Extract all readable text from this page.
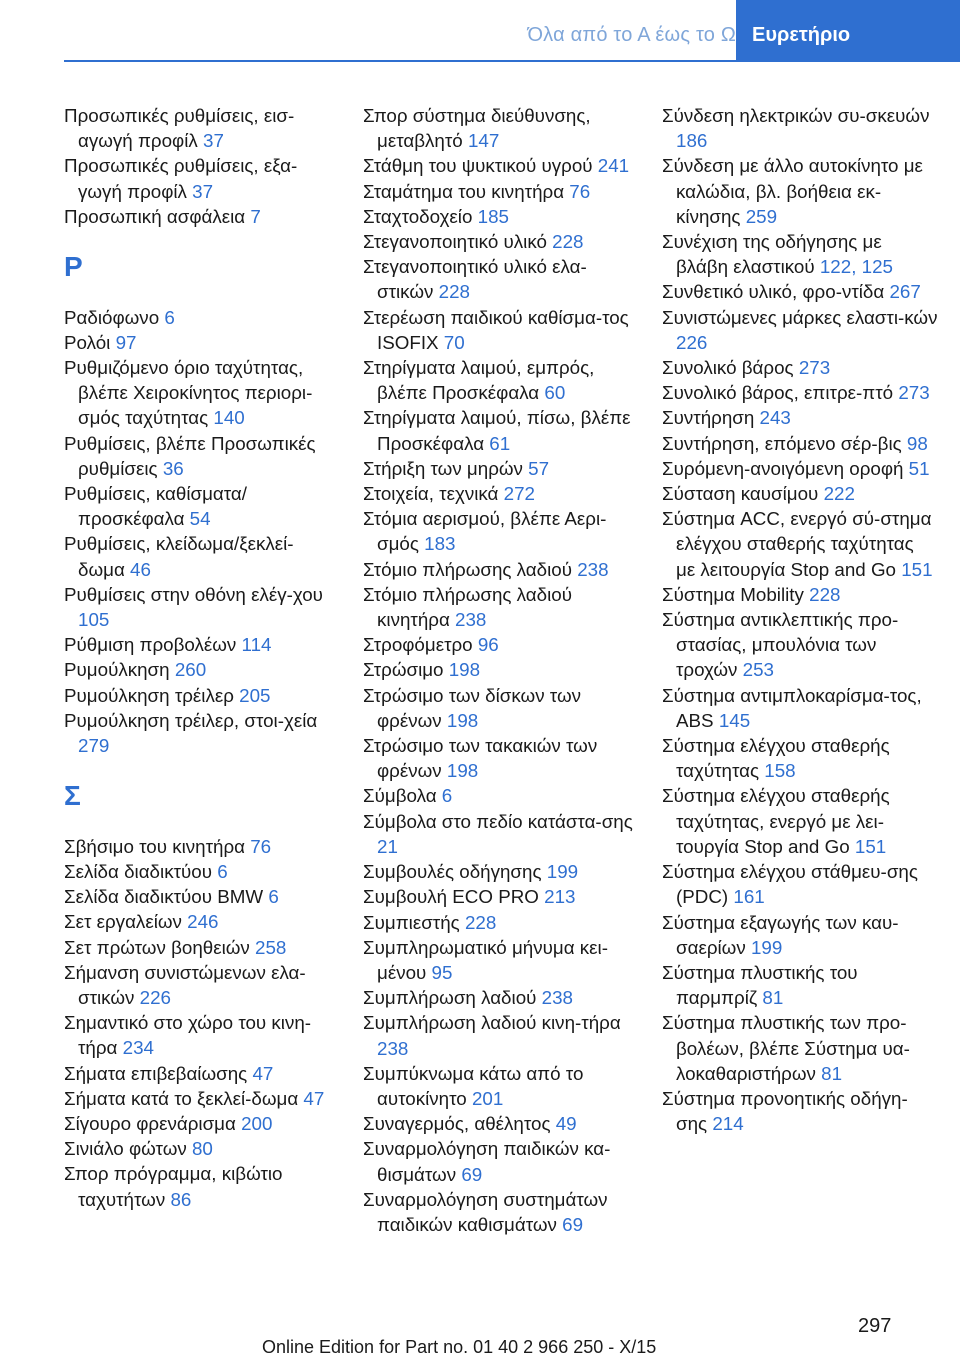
Όλα από το Α έως το Ω Ευρετήριο
Προσωπικές ρυθμίσεις, εισ‐αγωγή προφίλ 37
Προσωπικές ρυθμίσεις, εξα‐γωγή προφίλ 37
Προσωπική ασφάλεια 7
Ρ
Ραδιόφωνο 6
Ρολόι 97
Ρυθμιζόμενο όριο ταχύτητας, βλέπε Χειροκίνητος περιορι‐σμός ταχύτητας 140
Ρυθμίσεις, βλέπε Προσωπικές ρυθμίσεις 36
Ρυθμίσεις, καθίσματα/ προσκέφαλα 54
Ρυθμίσεις, κλείδωμα/ξεκλεί‐δωμα 46
Ρυθμίσεις στην οθόνη ελέγ‐χου 105
Ρύθμιση προβολέων 114
Ρυμούλκηση 260
Ρυμούλκηση τρέιλερ 205
Ρυμούλκηση τρέιλερ, στοι‐χεία 279
Σ
Σβήσιμο του κινητήρα 76
Σελίδα διαδικτύου 6
Σελίδα διαδικτύου BMW 6
Σετ εργαλείων 246
Σετ πρώτων βοηθειών 258
Σήμανση συνιστώμενων ελα‐στικών 226
Σημαντικό στο χώρο του κινη‐τήρα 234
Σήματα επιβεβαίωσης 47
Σήματα κατά το ξεκλεί‐δωμα 47
Σίγουρο φρενάρισμα 200
Σινιάλο φώτων 80
Σπορ πρόγραμμα, κιβώτιο ταχυτήτων 86
Σπορ σύστημα διεύθυνσης, μεταβλητό 147
Στάθμη του ψυκτικού υγρού 241
Σταμάτημα του κινητήρα 76
Σταχτοδοχείο 185
Στεγανοποιητικό υλικό 228
Στεγανοποιητικό υλικό ελα‐στικών 228
Στερέωση παιδικού καθίσμα‐τος ISOFIX 70
Στηρίγματα λαιμού, εμπρός, βλέπε Προσκέφαλα 60
Στηρίγματα λαιμού, πίσω, βλέπε Προσκέφαλα 61
Στήριξη των μηρών 57
Στοιχεία, τεχνικά 272
Στόμια αερισμού, βλέπε Αερι‐σμός 183
Στόμιο πλήρωσης λαδιού 238
Στόμιο πλήρωσης λαδιού κινητήρα 238
Στροφόμετρο 96
Στρώσιμο 198
Στρώσιμο των δίσκων των φρένων 198
Στρώσιμο των τακακιών των φρένων 198
Σύμβολα 6
Σύμβολα στο πεδίο κατάστα‐σης 21
Συμβουλές οδήγησης 199
Συμβουλή ECO PRO 213
Συμπιεστής 228
Συμπληρωματικό μήνυμα κει‐μένου 95
Συμπλήρωση λαδιού 238
Συμπλήρωση λαδιού κινη‐τήρα 238
Συμπύκνωμα κάτω από το αυτοκίνητο 201
Συναγερμός, αθέλητος 49
Συναρμολόγηση παιδικών κα‐θισμάτων 69
Συναρμολόγηση συστημάτων παιδικών καθισμάτων 69
Σύνδεση ηλεκτρικών συ‐σκευών 186
Σύνδεση με άλλο αυτοκίνητο με καλώδια, βλ. βοήθεια εκ‐κίνησης 259
Συνέχιση της οδήγησης με βλάβη ελαστικού 122, 125
Συνθετικό υλικό, φρο‐ντίδα 267
Συνιστώμενες μάρκες ελαστι‐κών 226
Συνολικό βάρος 273
Συνολικό βάρος, επιτρε‐πτό 273
Συντήρηση 243
Συντήρηση, επόμενο σέρ‐βις 98
Συρόμενη-ανοιγόμενη οροφή 51
Σύσταση καυσίμου 222
Σύστημα ACC, ενεργό σύ‐στημα ελέγχου σταθερής ταχύτητας με λειτουργία Stop and Go 151
Σύστημα Mobility 228
Σύστημα αντικλεπτικής προ‐στασίας, μπουλόνια των τροχών 253
Σύστημα αντιμπλοκαρίσμα‐τος, ABS 145
Σύστημα ελέγχου σταθερής ταχύτητας 158
Σύστημα ελέγχου σταθερής ταχύτητας, ενεργό με λει‐τουργία Stop and Go 151
Σύστημα ελέγχου στάθμευ‐σης (PDC) 161
Σύστημα εξαγωγής των καυ‐σαερίων 199
Σύστημα πλυστικής του παρμπρίζ 81
Σύστημα πλυστικής των προ‐βολέων, βλέπε Σύστημα υα‐λοκαθαριστήρων 81
Σύστημα προνοητικής οδήγη‐σης 214
297
Online Edition for Part no. 01 40 2 966 250 - X/15
